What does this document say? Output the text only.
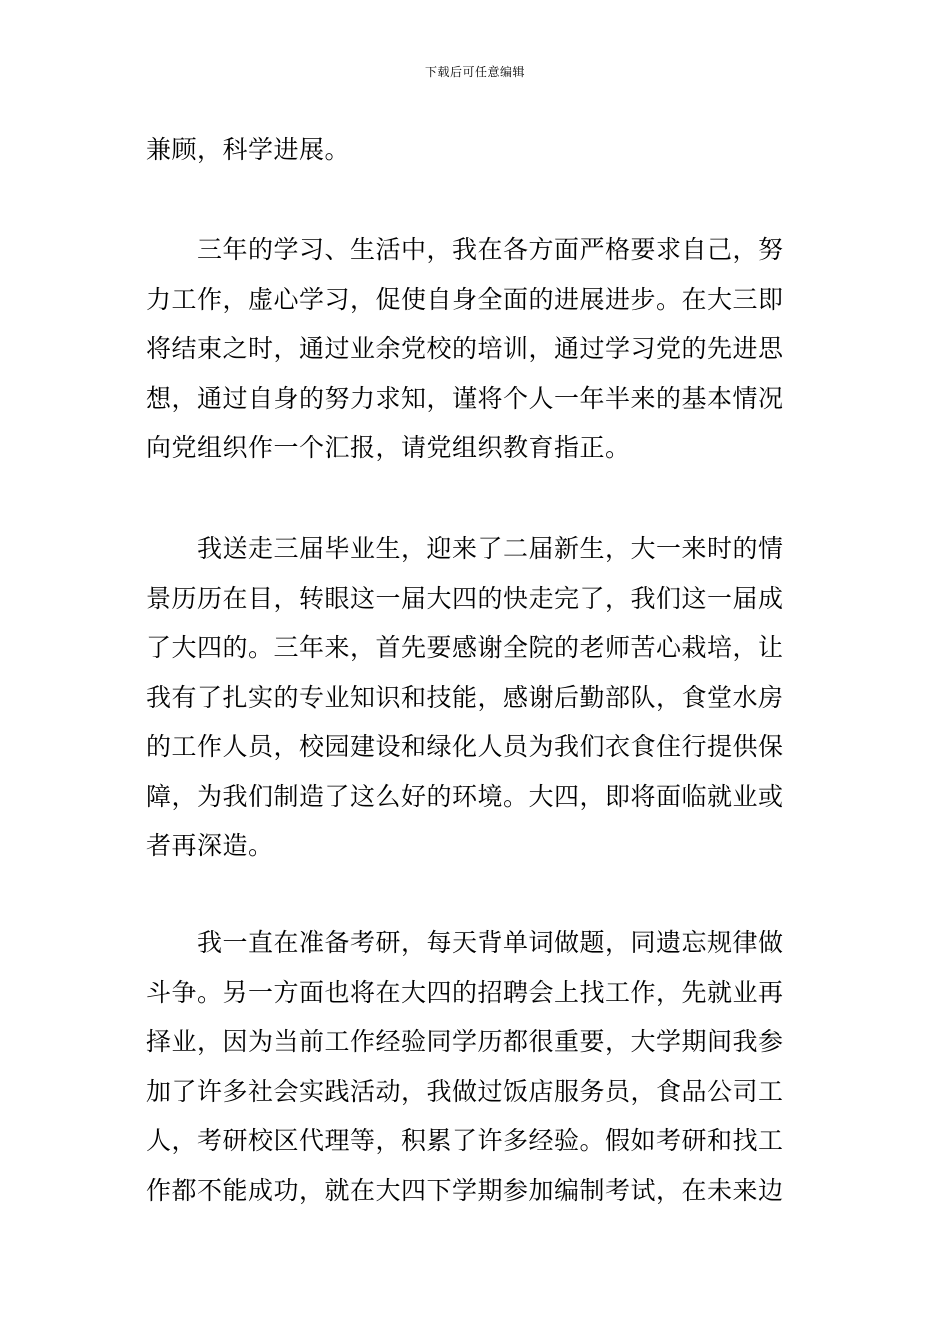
下载后可任意编辑
兼顾，科学进展。
　　三年的学习、生活中，我在各方面严格要求自己，努
力工作，虚心学习，促使自身全面的进展进步。在大三即
将结束之时，通过业余党校的培训，通过学习党的先进思
想，通过自身的努力求知，谨将个人一年半来的基本情况
向党组织作一个汇报，请党组织教育指正。
　　我送走三届毕业生，迎来了二届新生，大一来时的情
景历历在目，转眼这一届大四的快走完了，我们这一届成
了大四的。三年来，首先要感谢全院的老师苦心栽培，让
我有了扎实的专业知识和技能，感谢后勤部队，食堂水房
的工作人员，校园建设和绿化人员为我们衣食住行提供保
障，为我们制造了这么好的环境。大四，即将面临就业或
者再深造。
　　我一直在准备考研，每天背单词做题，同遗忘规律做
斗争。另一方面也将在大四的招聘会上找工作，先就业再
择业，因为当前工作经验同学历都很重要，大学期间我参
加了许多社会实践活动，我做过饭店服务员，食品公司工
人，考研校区代理等，积累了许多经验。假如考研和找工
作都不能成功，就在大四下学期参加编制考试，在未来边
